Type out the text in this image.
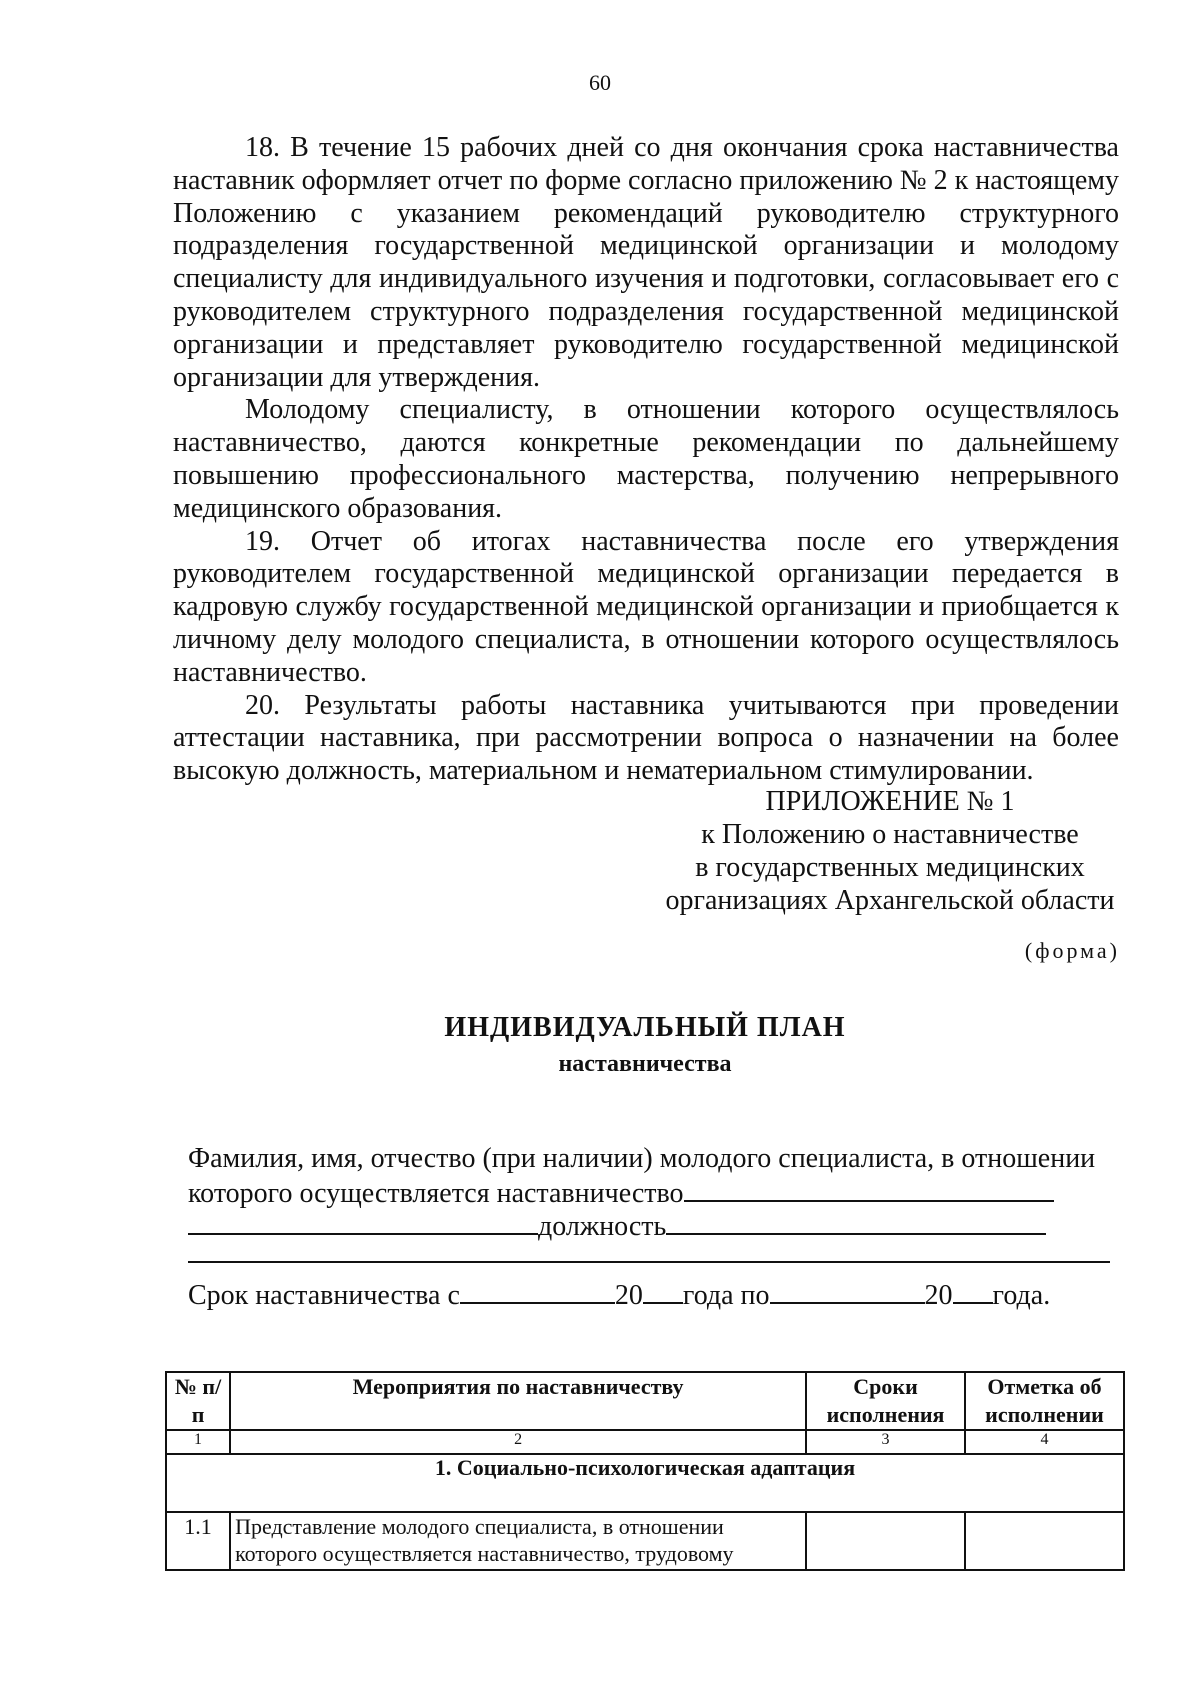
60

18. В течение 15 рабочих дней со дня окончания срока наставничества наставник оформляет отчет по форме согласно приложению № 2 к настоящему Положению с указанием рекомендаций руководителю структурного подразделения государственной медицинской организации и молодому специалисту для индивидуального изучения и подготовки, согласовывает его с руководителем структурного подразделения государственной медицинской организации и представляет руководителю государственной медицинской организации для утверждения.

Молодому специалисту, в отношении которого осуществлялось наставничество, даются конкретные рекомендации по дальнейшему повышению профессионального мастерства, получению непрерывного медицинского образования.

19. Отчет об итогах наставничества после его утверждения руководителем государственной медицинской организации передается в кадровую службу государственной медицинской организации и приобщается к личному делу молодого специалиста, в отношении которого осуществлялось наставничество.

20. Результаты работы наставника учитываются при проведении аттестации наставника, при рассмотрении вопроса о назначении на более высокую должность, материальном и нематериальном стимулировании.

ПРИЛОЖЕНИЕ № 1
к Положению о наставничестве
в государственных медицинских
организациях Архангельской области
(форма)
ИНДИВИДУАЛЬНЫЙ ПЛАН
наставничества
Фамилия, имя, отчество (при наличии) молодого специалиста, в отношении
которого осуществляется наставничество
должность
Срок наставничества с	20 года по	20 года.
№ п/п	Мероприятия по наставничеству	Сроки исполнения	Отметка об исполнении
1	2	3	4
1. Социально-психологическая адаптация			
1.1	Представление молодого специалиста, в отношении которого осуществляется наставничество, трудовому		
